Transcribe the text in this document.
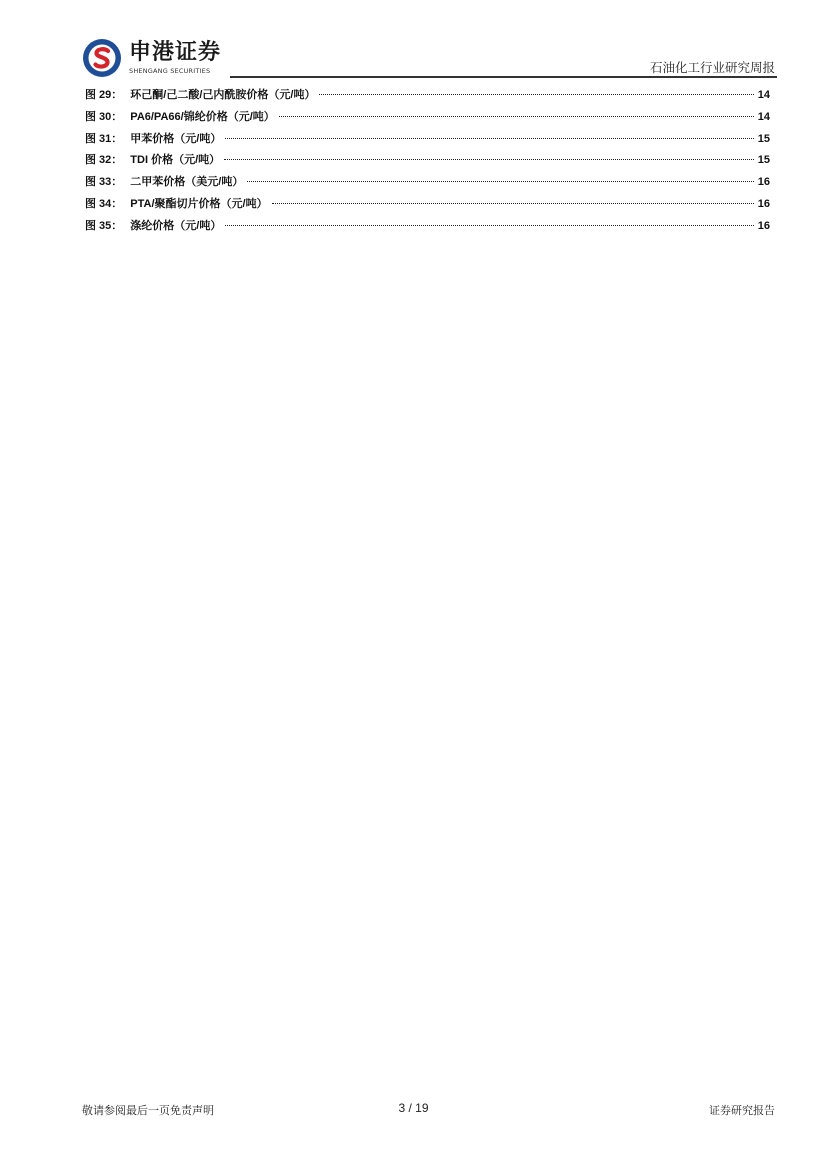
申港证券
SHENGANG SECURITIES	石油化工行业研究周报
图 29： 环己酮/己二酸/己内酰胺价格（元/吨）	14
图 30： PA6/PA66/锦纶价格（元/吨）	14
图 31： 甲苯价格（元/吨）	15
图 32： TDI 价格（元/吨）	15
图 33： 二甲苯价格（美元/吨）	16
图 34： PTA/聚酯切片价格（元/吨）	16
图 35： 涤纶价格（元/吨）	16
敬请参阅最后一页免责声明	3 / 19	证券研究报告
